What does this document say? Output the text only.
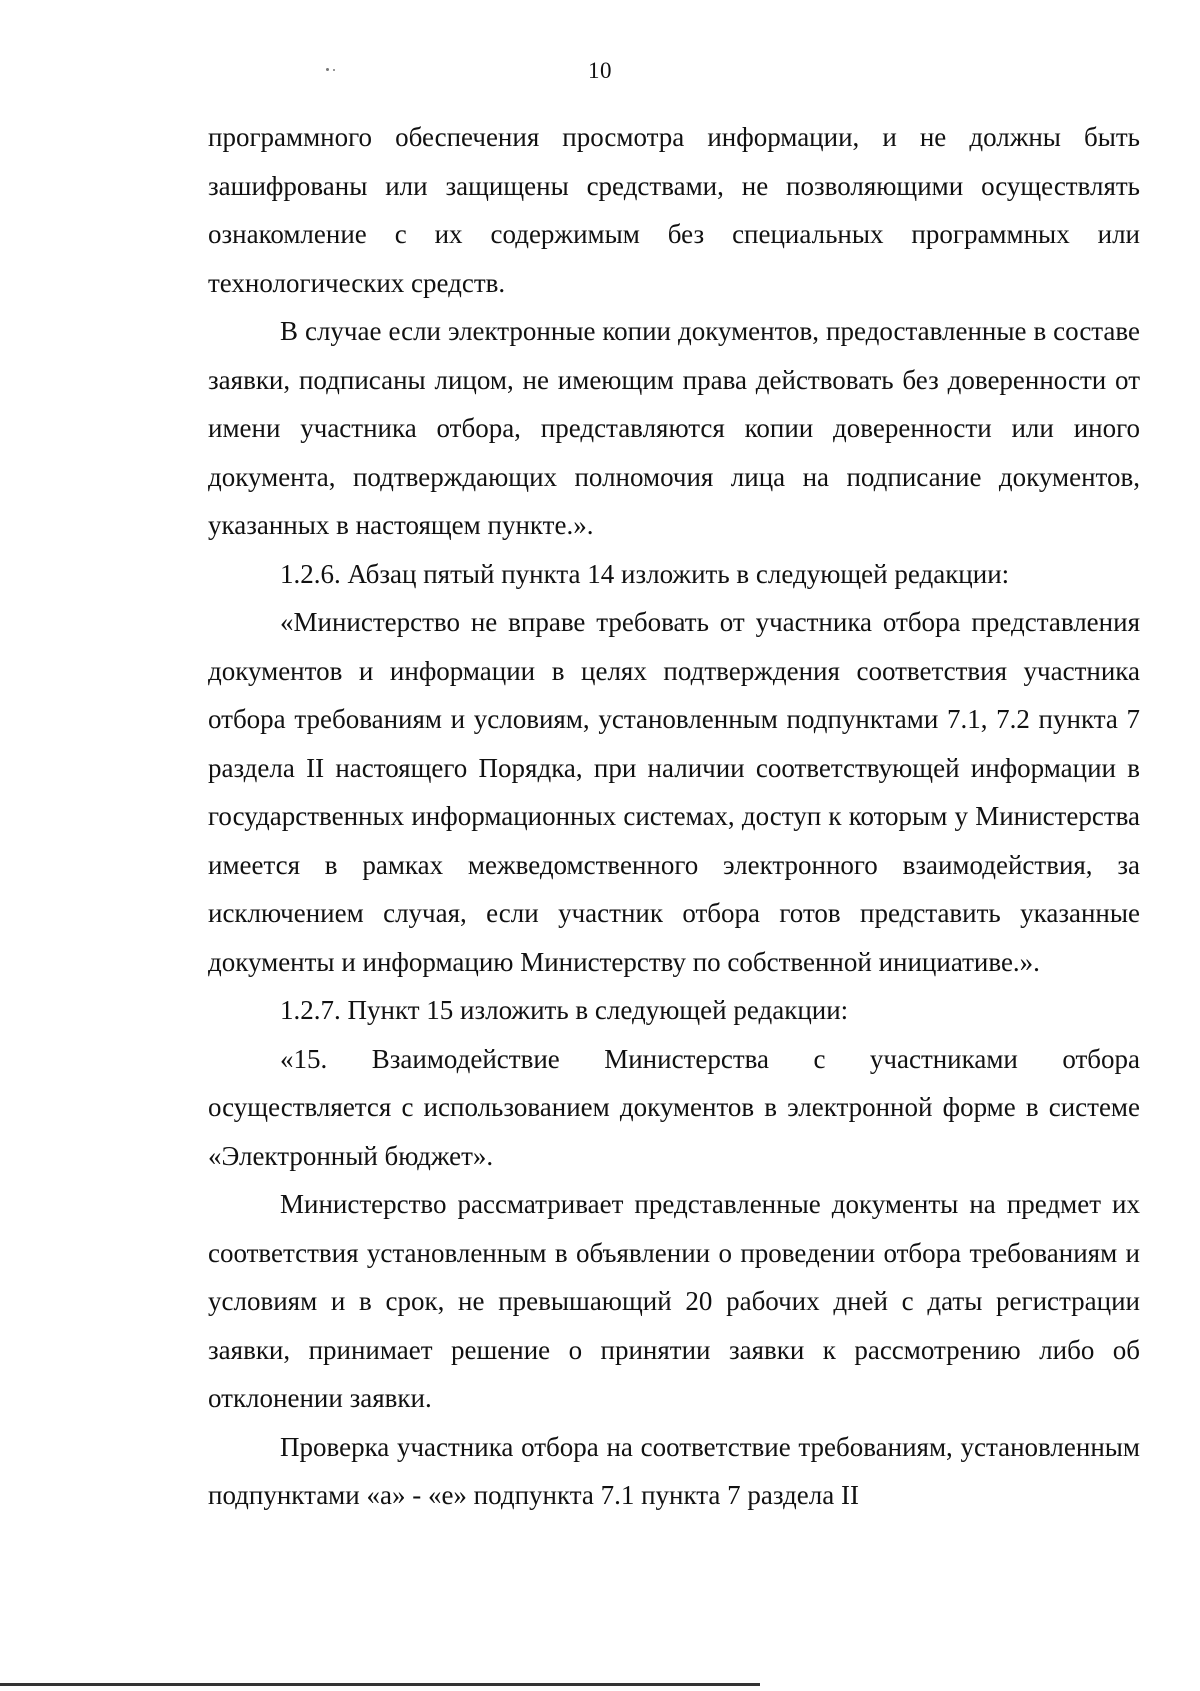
10

программного обеспечения просмотра информации, и не должны быть зашифрованы или защищены средствами, не позволяющими осуществлять ознакомление с их содержимым без специальных программных или технологических средств.

В случае если электронные копии документов, предоставленные в составе заявки, подписаны лицом, не имеющим права действовать без доверенности от имени участника отбора, представляются копии доверенности или иного документа, подтверждающих полномочия лица на подписание документов, указанных в настоящем пункте.».

1.2.6. Абзац пятый пункта 14 изложить в следующей редакции:

«Министерство не вправе требовать от участника отбора представления документов и информации в целях подтверждения соответствия участника отбора требованиям и условиям, установленным подпунктами 7.1, 7.2 пункта 7 раздела II настоящего Порядка, при наличии соответствующей информации в государственных информационных системах, доступ к которым у Министерства имеется в рамках межведомственного электронного взаимодействия, за исключением случая, если участник отбора готов представить указанные документы и информацию Министерству по собственной инициативе.».

1.2.7. Пункт 15 изложить в следующей редакции:

«15. Взаимодействие Министерства с участниками отбора осуществляется с использованием документов в электронной форме в системе «Электронный бюджет».

Министерство рассматривает представленные документы на предмет их соответствия установленным в объявлении о проведении отбора требованиям и условиям и в срок, не превышающий 20 рабочих дней с даты регистрации заявки, принимает решение о принятии заявки к рассмотрению либо об отклонении заявки.

Проверка участника отбора на соответствие требованиям, установленным подпунктами «а» - «е» подпункта 7.1 пункта 7 раздела II
